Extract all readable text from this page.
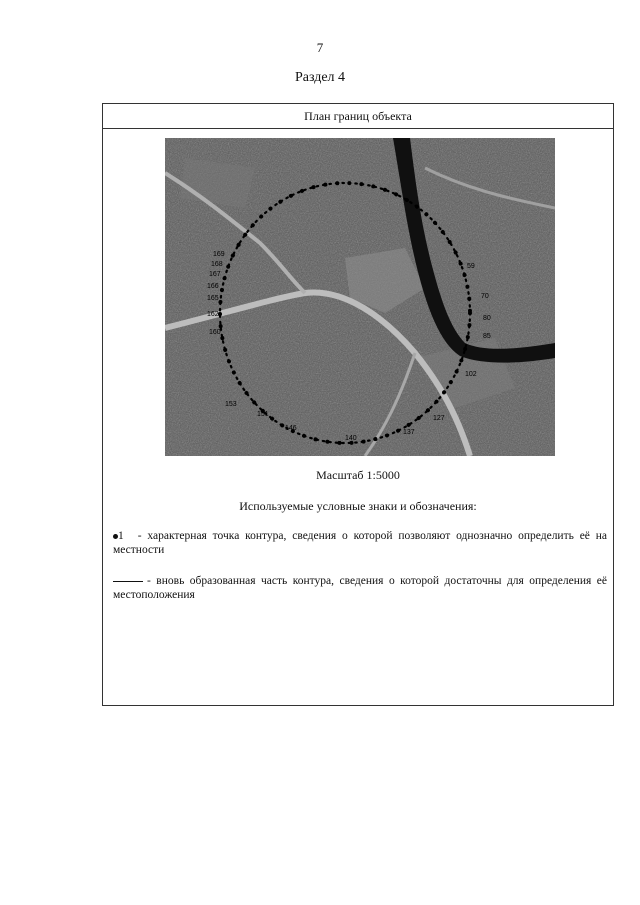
7
Раздел 4
План границ объекта
169
168
167
166
165
162
160
153
151
146
140
137
127
102
85
80
70
59
Масштаб 1:5000
Используемые условные знаки и обозначения:
1 - характерная точка контура, сведения о которой позволяют однозначно определить её на местности
- вновь образованная часть контура, сведения о которой достаточны для определения её местоположения
